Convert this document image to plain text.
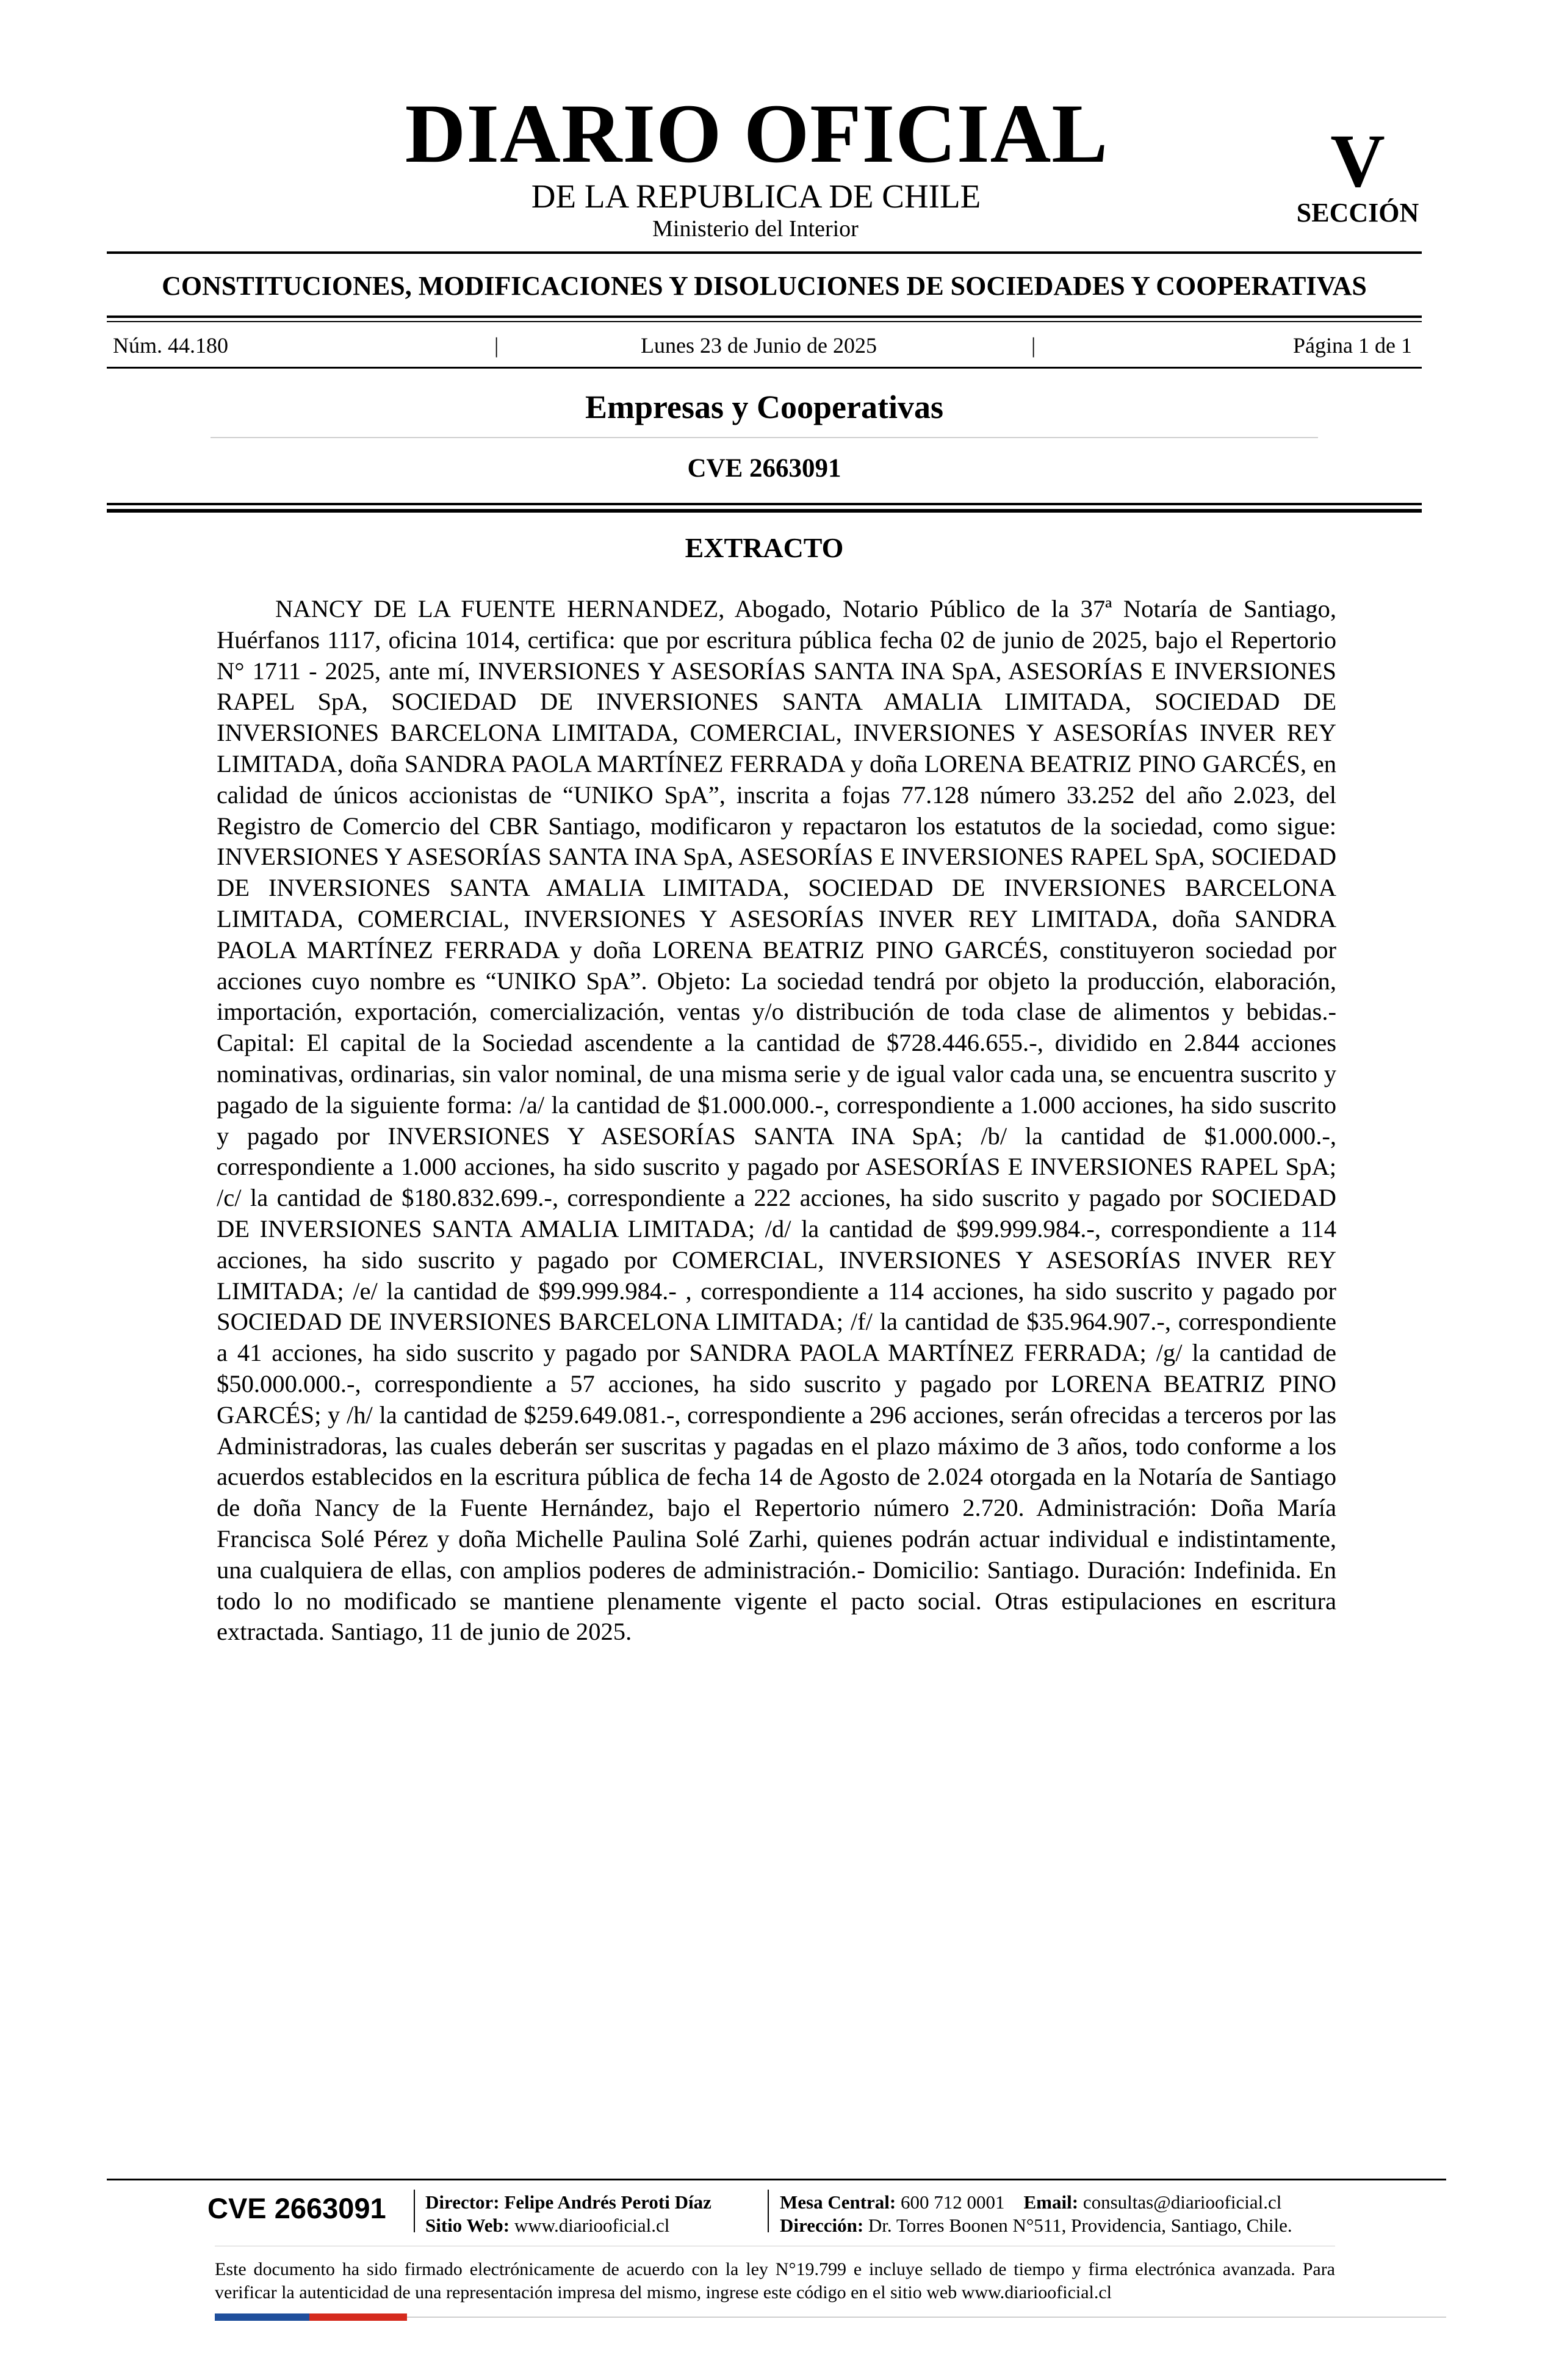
DIARIO OFICIAL
DE LA REPUBLICA DE CHILE
Ministerio del Interior
V
SECCIÓN
CONSTITUCIONES, MODIFICACIONES Y DISOLUCIONES DE SOCIEDADES Y COOPERATIVAS
Núm. 44.180	|	Lunes 23 de Junio de 2025	|	Página 1 de 1
Empresas y Cooperativas
CVE 2663091
EXTRACTO

NANCY DE LA FUENTE HERNANDEZ, Abogado, Notario Público de la 37ª Notaría de Santiago, Huérfanos 1117, oficina 1014, certifica: que por escritura pública fecha 02 de junio de 2025, bajo el Repertorio N° 1711 - 2025, ante mí, INVERSIONES Y ASESORÍAS SANTA INA SpA, ASESORÍAS E INVERSIONES RAPEL SpA, SOCIEDAD DE INVERSIONES SANTA AMALIA LIMITADA, SOCIEDAD DE INVERSIONES BARCELONA LIMITADA, COMERCIAL, INVERSIONES Y ASESORÍAS INVER REY LIMITADA, doña SANDRA PAOLA MARTÍNEZ FERRADA y doña LORENA BEATRIZ PINO GARCÉS, en calidad de únicos accionistas de “UNIKO SpA”, inscrita a fojas 77.128 número 33.252 del año 2.023, del Registro de Comercio del CBR Santiago, modificaron y repactaron los estatutos de la sociedad, como sigue: INVERSIONES Y ASESORÍAS SANTA INA SpA, ASESORÍAS E INVERSIONES RAPEL SpA, SOCIEDAD DE INVERSIONES SANTA AMALIA LIMITADA, SOCIEDAD DE INVERSIONES BARCELONA LIMITADA, COMERCIAL, INVERSIONES Y ASESORÍAS INVER REY LIMITADA, doña SANDRA PAOLA MARTÍNEZ FERRADA y doña LORENA BEATRIZ PINO GARCÉS, constituyeron sociedad por acciones cuyo nombre es “UNIKO SpA”. Objeto: La sociedad tendrá por objeto la producción, elaboración, importación, exportación, comercialización, ventas y/o distribución de toda clase de alimentos y bebidas.- Capital: El capital de la Sociedad ascendente a la cantidad de $728.446.655.-, dividido en 2.844 acciones nominativas, ordinarias, sin valor nominal, de una misma serie y de igual valor cada una, se encuentra suscrito y pagado de la siguiente forma: /a/ la cantidad de $1.000.000.-, correspondiente a 1.000 acciones, ha sido suscrito y pagado por INVERSIONES Y ASESORÍAS SANTA INA SpA; /b/ la cantidad de $1.000.000.-, correspondiente a 1.000 acciones, ha sido suscrito y pagado por ASESORÍAS E INVERSIONES RAPEL SpA; /c/ la cantidad de $180.832.699.-, correspondiente a 222 acciones, ha sido suscrito y pagado por SOCIEDAD DE INVERSIONES SANTA AMALIA LIMITADA; /d/ la cantidad de $99.999.984.-, correspondiente a 114 acciones, ha sido suscrito y pagado por COMERCIAL, INVERSIONES Y ASESORÍAS INVER REY LIMITADA; /e/ la cantidad de $99.999.984.- , correspondiente a 114 acciones, ha sido suscrito y pagado por SOCIEDAD DE INVERSIONES BARCELONA LIMITADA; /f/ la cantidad de $35.964.907.-, correspondiente a 41 acciones, ha sido suscrito y pagado por SANDRA PAOLA MARTÍNEZ FERRADA; /g/ la cantidad de $50.000.000.-, correspondiente a 57 acciones, ha sido suscrito y pagado por LORENA BEATRIZ PINO GARCÉS; y /h/ la cantidad de $259.649.081.-, correspondiente a 296 acciones, serán ofrecidas a terceros por las Administradoras, las cuales deberán ser suscritas y pagadas en el plazo máximo de 3 años, todo conforme a los acuerdos establecidos en la escritura pública de fecha 14 de Agosto de 2.024 otorgada en la Notaría de Santiago de doña Nancy de la Fuente Hernández, bajo el Repertorio número 2.720. Administración: Doña María Francisca Solé Pérez y doña Michelle Paulina Solé Zarhi, quienes podrán actuar individual e indistintamente, una cualquiera de ellas, con amplios poderes de administración.- Domicilio: Santiago. Duración: Indefinida. En todo lo no modificado se mantiene plenamente vigente el pacto social. Otras estipulaciones en escritura extractada. Santiago, 11 de junio de 2025.

CVE 2663091 Director: Felipe Andrés Peroti Díaz
Sitio Web: www.diariooficial.cl
Mesa Central: 600 712 0001 Email: consultas@diariooficial.cl
Dirección: Dr. Torres Boonen N°511, Providencia, Santiago, Chile.
Este documento ha sido firmado electrónicamente de acuerdo con la ley N°19.799 e incluye sellado de tiempo y firma electrónica avanzada. Para verificar la autenticidad de una representación impresa del mismo, ingrese este código en el sitio web www.diariooficial.cl
